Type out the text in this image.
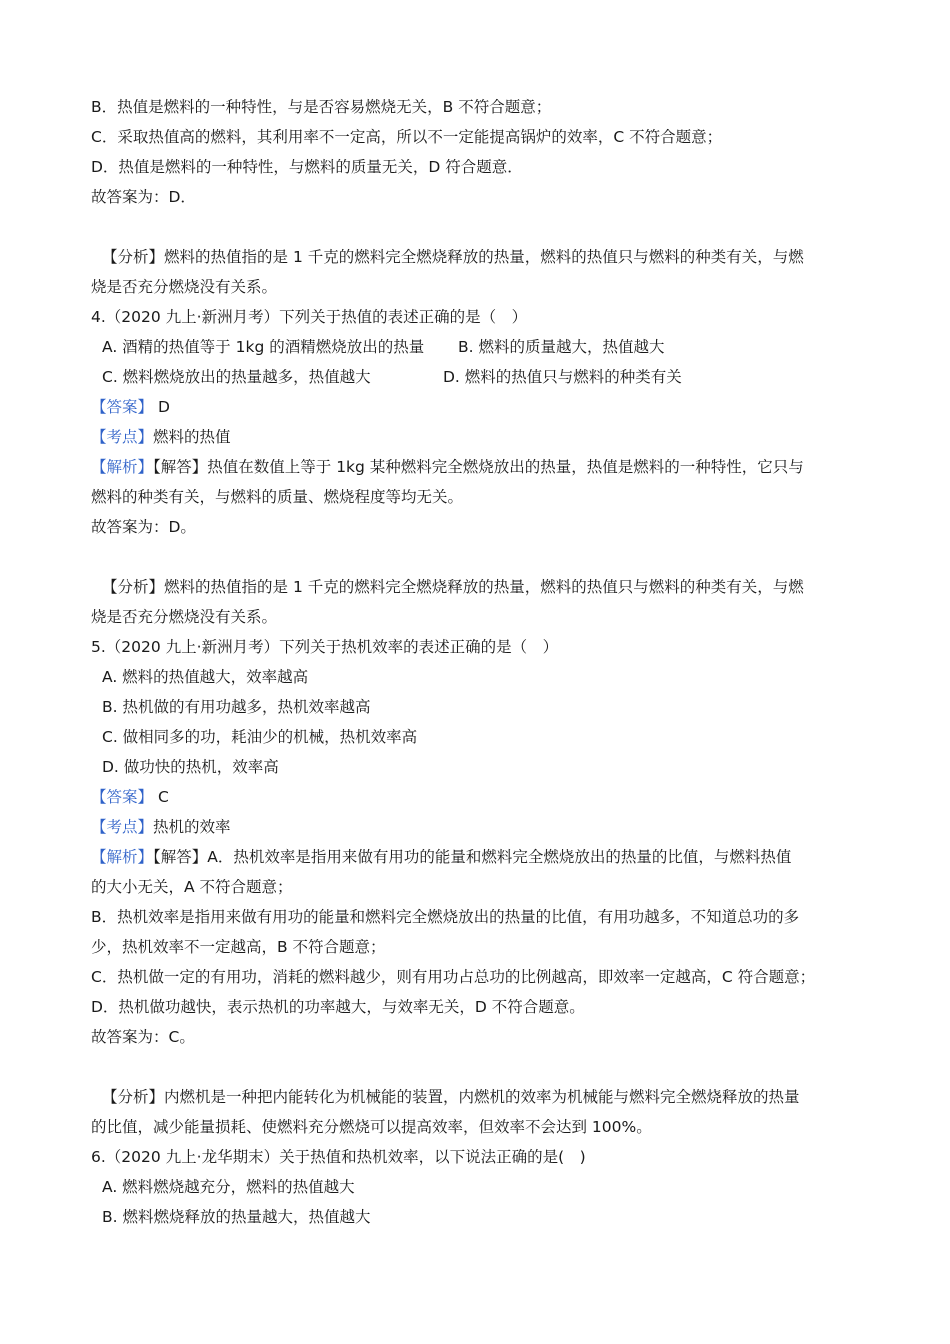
B．热值是燃料的一种特性，与是否容易燃烧无关，B 不符合题意；
C．采取热值高的燃料，其利用率不一定高，所以不一定能提高锅炉的效率，C 不符合题意；
D．热值是燃料的一种特性，与燃料的质量无关，D 符合题意．
故答案为：D．
【分析】燃料的热值指的是 1 千克的燃料完全燃烧释放的热量，燃料的热值只与燃料的种类有关，与燃
烧是否充分燃烧没有关系。
4.（2020 九上·新洲月考）下列关于热值的表述正确的是（　）
A. 酒精的热值等于 1kg 的酒精燃烧放出的热量	B. 燃料的质量越大，热值越大
C. 燃料燃烧放出的热量越多，热值越大	D. 燃料的热值只与燃料的种类有关
【答案】 D
【考点】燃料的热值
【解析】【解答】热值在数值上等于 1kg 某种燃料完全燃烧放出的热量，热值是燃料的一种特性，它只与
燃料的种类有关，与燃料的质量、燃烧程度等均无关。
故答案为：D。
【分析】燃料的热值指的是 1 千克的燃料完全燃烧释放的热量，燃料的热值只与燃料的种类有关，与燃
烧是否充分燃烧没有关系。
5.（2020 九上·新洲月考）下列关于热机效率的表述正确的是（　）
A. 燃料的热值越大，效率越高
B. 热机做的有用功越多，热机效率越高
C. 做相同多的功，耗油少的机械，热机效率高
D. 做功快的热机，效率高
【答案】 C
【考点】热机的效率
【解析】【解答】A．热机效率是指用来做有用功的能量和燃料完全燃烧放出的热量的比值，与燃料热值
的大小无关，A 不符合题意；
B．热机效率是指用来做有用功的能量和燃料完全燃烧放出的热量的比值，有用功越多，不知道总功的多
少，热机效率不一定越高，B 不符合题意；
C．热机做一定的有用功，消耗的燃料越少，则有用功占总功的比例越高，即效率一定越高，C 符合题意；
D．热机做功越快，表示热机的功率越大，与效率无关，D 不符合题意。
故答案为：C。
【分析】内燃机是一种把内能转化为机械能的装置，内燃机的效率为机械能与燃料完全燃烧释放的热量
的比值，减少能量损耗、使燃料充分燃烧可以提高效率，但效率不会达到 100%。
6.（2020 九上·龙华期末）关于热值和热机效率，以下说法正确的是(　)
A. 燃料燃烧越充分，燃料的热值越大
B. 燃料燃烧释放的热量越大，热值越大
